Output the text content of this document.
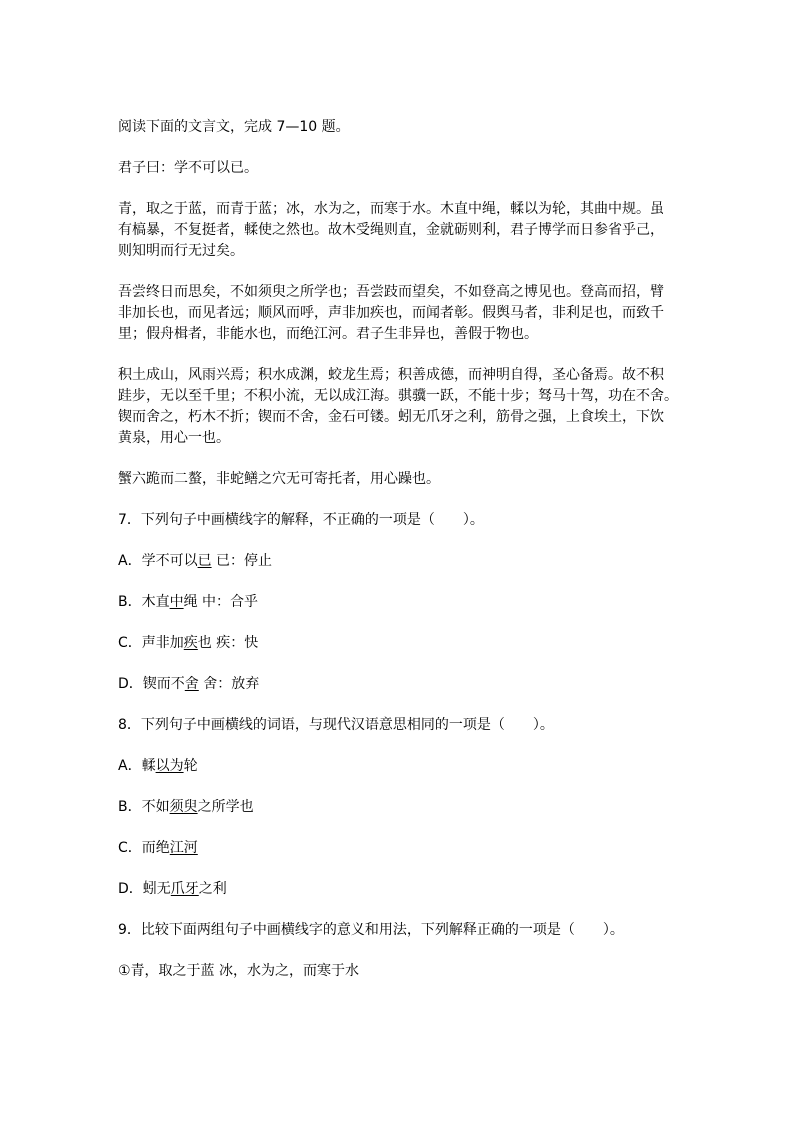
阅读下面的文言文，完成 7—10 题。

君子曰：学不可以已。

青，取之于蓝，而青于蓝；冰，水为之，而寒于水。木直中绳，輮以为轮，其曲中规。虽
有槁暴，不复挺者，輮使之然也。故木受绳则直，金就砺则利，君子博学而日参省乎己，
则知明而行无过矣。

吾尝终日而思矣，不如须臾之所学也；吾尝跂而望矣，不如登高之博见也。登高而招，臂
非加长也，而见者远；顺风而呼，声非加疾也，而闻者彰。假舆马者，非利足也，而致千
里；假舟楫者，非能水也，而绝江河。君子生非异也，善假于物也。

积土成山，风雨兴焉；积水成渊，蛟龙生焉；积善成德，而神明自得，圣心备焉。故不积
跬步，无以至千里；不积小流，无以成江海。骐骥一跃，不能十步；驽马十驾，功在不舍。
锲而舍之，朽木不折；锲而不舍，金石可镂。蚓无爪牙之利，筋骨之强，上食埃土，下饮
黄泉，用心一也。

蟹六跪而二螯，非蛇鳝之穴无可寄托者，用心躁也。

7．下列句子中画横线字的解释，不正确的一项是（　　）。

A．学不可以已 已：停止

B．木直中绳 中：合乎

C．声非加疾也 疾：快

D．锲而不舍 舍：放弃

8．下列句子中画横线的词语，与现代汉语意思相同的一项是（　　）。

A．輮以为轮

B．不如须臾之所学也

C．而绝江河

D．蚓无爪牙之利

9．比较下面两组句子中画横线字的意义和用法，下列解释正确的一项是（　　）。

①青，取之于蓝 冰，水为之，而寒于水
